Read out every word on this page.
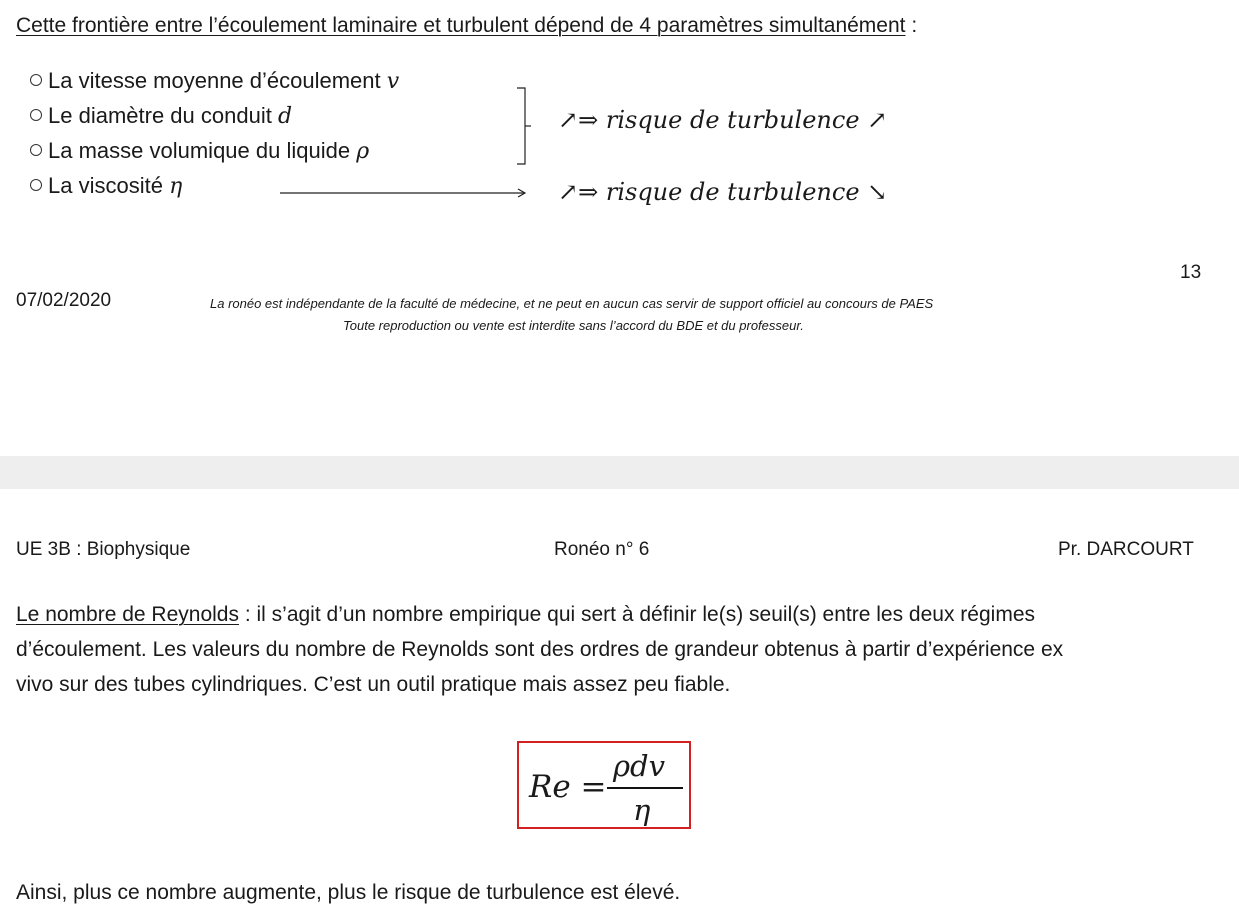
Cette frontière entre l’écoulement laminaire et turbulent dépend de 4 paramètres simultanément :
La vitesse moyenne d’écoulement v
Le diamètre du conduit d
La masse volumique du liquide ρ
La viscosité η
↗⇒ risque de turbulence ↗
↗⇒ risque de turbulence ↘
13
07/02/2020	La ronéo est indépendante de la faculté de médecine, et ne peut en aucun cas servir de support officiel au concours de PAES
Toute reproduction ou vente est interdite sans l’accord du BDE et du professeur.
UE 3B : Biophysique	Ronéo n° 6	Pr. DARCOURT
Le nombre de Reynolds : il s’agit d’un nombre empirique qui sert à définir le(s) seuil(s) entre les deux régimes
d’écoulement. Les valeurs du nombre de Reynolds sont des ordres de grandeur obtenus à partir d’expérience ex
vivo sur des tubes cylindriques. C’est un outil pratique mais assez peu fiable.
Re =
ρdv
η
Ainsi, plus ce nombre augmente, plus le risque de turbulence est élevé.
